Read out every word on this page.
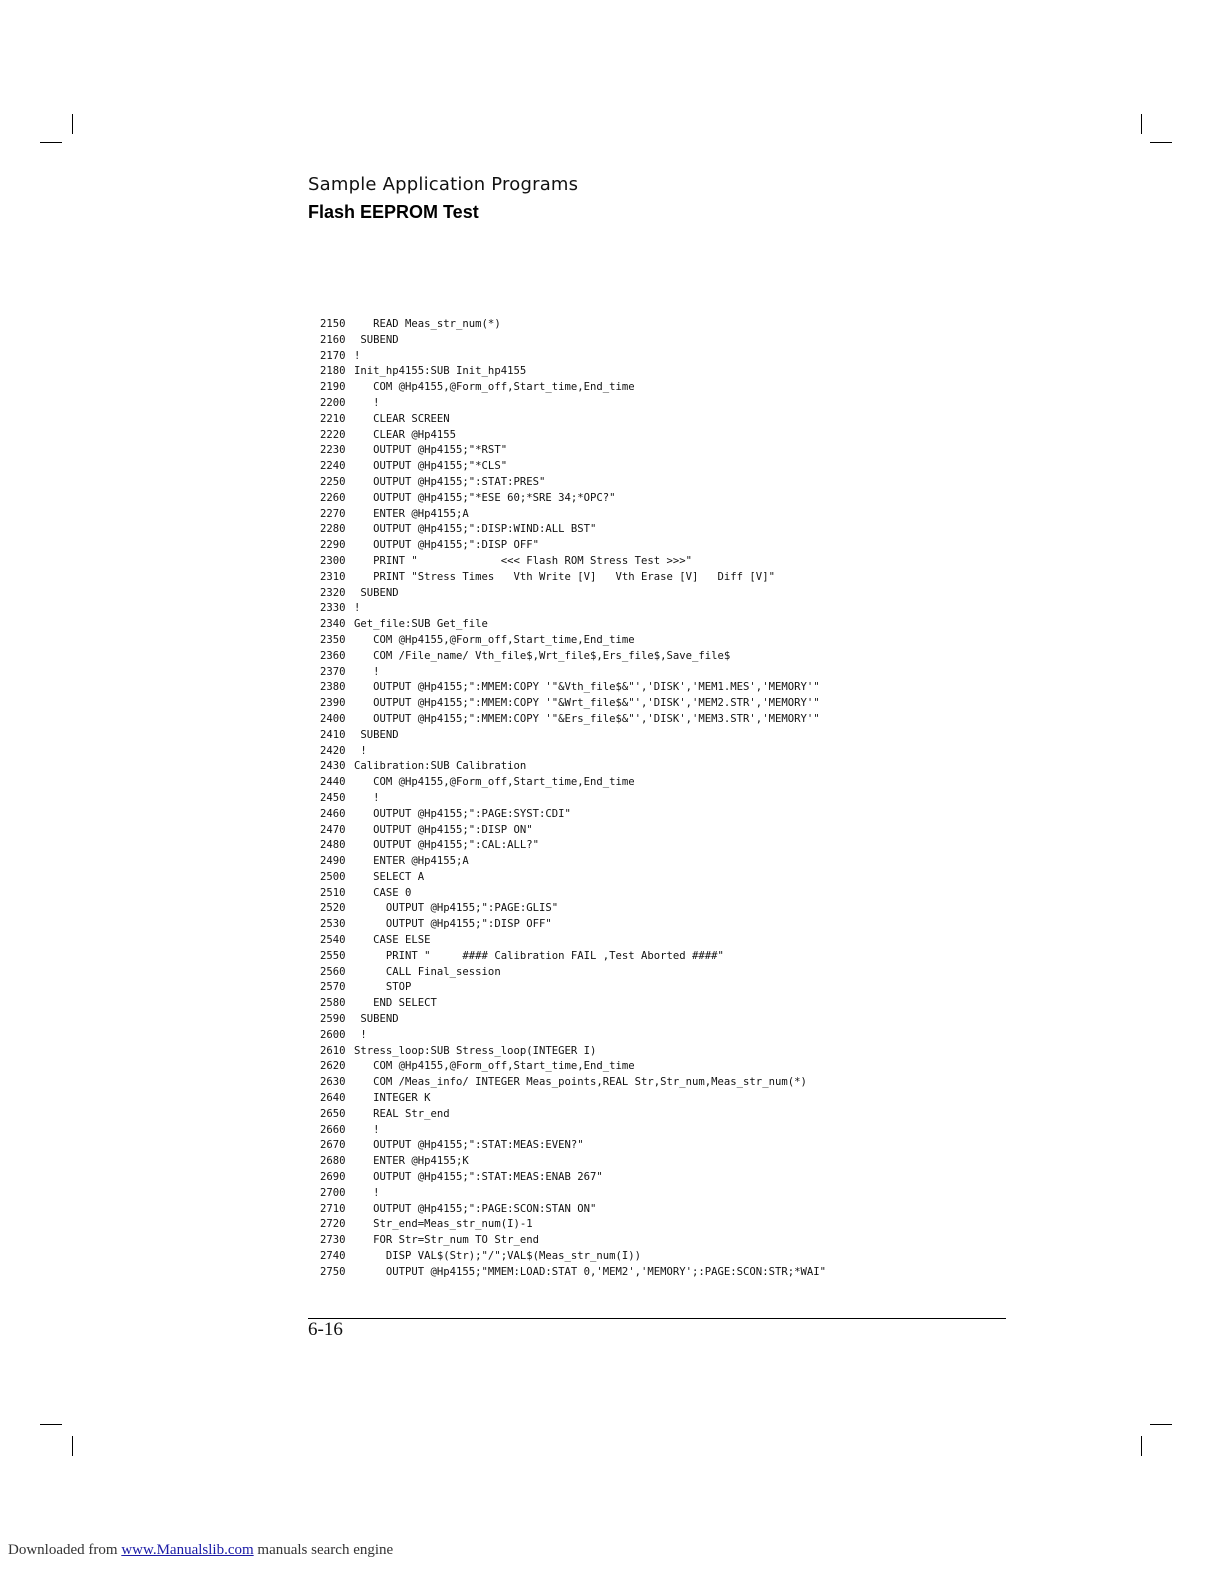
Sample Application Programs
Flash EEPROM Test
2150   READ Meas_str_num(*)
2160 SUBEND
2170 !
2180 Init_hp4155:SUB Init_hp4155
2190   COM @Hp4155,@Form_off,Start_time,End_time
2200   !
2210   CLEAR SCREEN
2220   CLEAR @Hp4155
2230   OUTPUT @Hp4155;"*RST"
2240   OUTPUT @Hp4155;"*CLS"
2250   OUTPUT @Hp4155;":STAT:PRES"
2260   OUTPUT @Hp4155;"*ESE 60;*SRE 34;*OPC?"
2270   ENTER @Hp4155;A
2280   OUTPUT @Hp4155;":DISP:WIND:ALL BST"
2290   OUTPUT @Hp4155;":DISP OFF"
2300   PRINT "             <<< Flash ROM Stress Test >>>"
2310   PRINT "Stress Times   Vth Write [V]   Vth Erase [V]   Diff [V]"
2320 SUBEND
2330 !
2340 Get_file:SUB Get_file
2350   COM @Hp4155,@Form_off,Start_time,End_time
2360   COM /File_name/ Vth_file$,Wrt_file$,Ers_file$,Save_file$
2370   !
2380   OUTPUT @Hp4155;":MMEM:COPY '"&Vth_file$&"','DISK','MEM1.MES','MEMORY'"
2390   OUTPUT @Hp4155;":MMEM:COPY '"&Wrt_file$&"','DISK','MEM2.STR','MEMORY'"
2400   OUTPUT @Hp4155;":MMEM:COPY '"&Ers_file$&"','DISK','MEM3.STR','MEMORY'"
2410 SUBEND
2420 !
2430 Calibration:SUB Calibration
2440   COM @Hp4155,@Form_off,Start_time,End_time
2450   !
2460   OUTPUT @Hp4155;":PAGE:SYST:CDI"
2470   OUTPUT @Hp4155;":DISP ON"
2480   OUTPUT @Hp4155;":CAL:ALL?"
2490   ENTER @Hp4155;A
2500   SELECT A
2510   CASE 0
2520     OUTPUT @Hp4155;":PAGE:GLIS"
2530     OUTPUT @Hp4155;":DISP OFF"
2540   CASE ELSE
2550     PRINT "     #### Calibration FAIL ,Test Aborted ####"
2560     CALL Final_session
2570     STOP
2580   END SELECT
2590 SUBEND
2600 !
2610 Stress_loop:SUB Stress_loop(INTEGER I)
2620   COM @Hp4155,@Form_off,Start_time,End_time
2630   COM /Meas_info/ INTEGER Meas_points,REAL Str,Str_num,Meas_str_num(*)
2640   INTEGER K
2650   REAL Str_end
2660   !
2670   OUTPUT @Hp4155;":STAT:MEAS:EVEN?"
2680   ENTER @Hp4155;K
2690   OUTPUT @Hp4155;":STAT:MEAS:ENAB 267"
2700   !
2710   OUTPUT @Hp4155;":PAGE:SCON:STAN ON"
2720   Str_end=Meas_str_num(I)-1
2730   FOR Str=Str_num TO Str_end
2740     DISP VAL$(Str);"/";VAL$(Meas_str_num(I))
2750     OUTPUT @Hp4155;"MMEM:LOAD:STAT 0,'MEM2','MEMORY';:PAGE:SCON:STR;*WAI"
6-16
Downloaded from www.Manualslib.com manuals search engine
